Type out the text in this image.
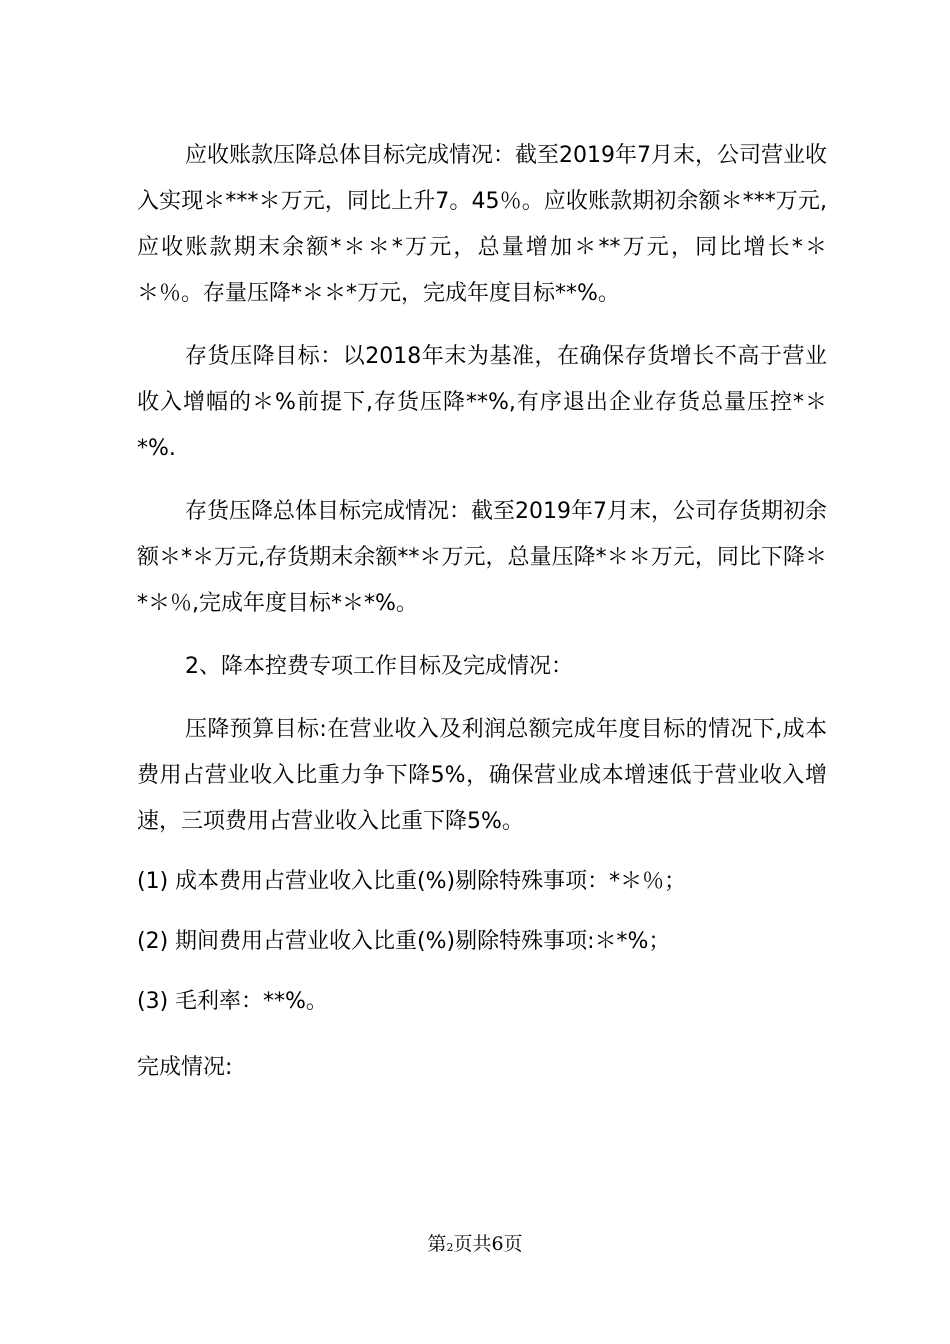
应收账款压降总体目标完成情况：截至2019年7月末，公司营业收入实现＊***＊万元，同比上升7。45％。应收账款期初余额＊***万元,应收账款期末余额*＊＊*万元，总量增加＊**万元，同比增长*＊＊％。存量压降*＊＊*万元，完成年度目标**%。

存货压降目标：以2018年末为基准，在确保存货增长不高于营业收入增幅的＊%前提下,存货压降**%,有序退出企业存货总量压控*＊*%.

存货压降总体目标完成情况：截至2019年7月末，公司存货期初余额＊*＊万元,存货期末余额**＊万元，总量压降*＊＊万元，同比下降＊*＊％,完成年度目标*＊*%。

2、降本控费专项工作目标及完成情况：

压降预算目标:在营业收入及利润总额完成年度目标的情况下,成本费用占营业收入比重力争下降5%，确保营业成本增速低于营业收入增速，三项费用占营业收入比重下降5%。

(1) 成本费用占营业收入比重(%)剔除特殊事项：*＊％；
(2) 期间费用占营业收入比重(%)剔除特殊事项:＊*%；
(3) 毛利率：**%。

完成情况:

第$_2$页共6页
